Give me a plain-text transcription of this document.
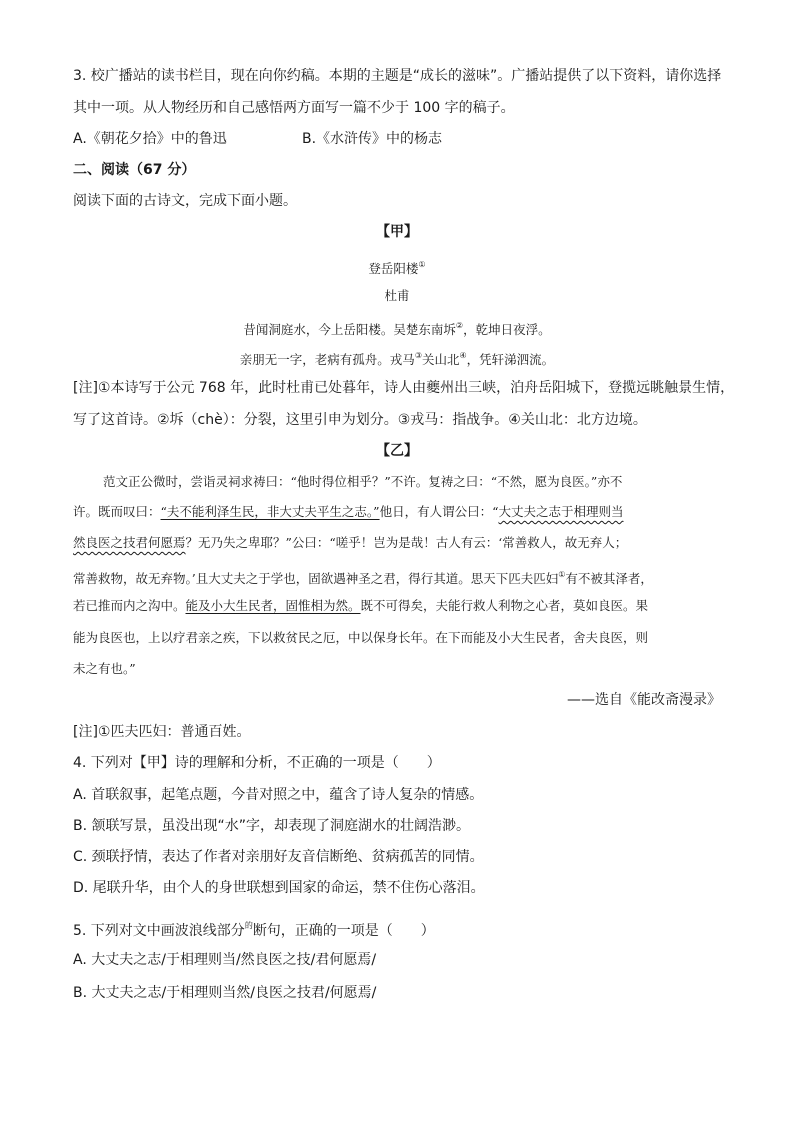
3. 校广播站的读书栏目，现在向你约稿。本期的主题是“成长的滋味”。广播站提供了以下资料，请你选择
其中一项。从人物经历和自己感悟两方面写一篇不少于 100 字的稿子。
A.《朝花夕拾》中的鲁迅	B.《水浒传》中的杨志
二、阅读（67 分）
阅读下面的古诗文，完成下面小题。
【甲】
登岳阳楼①
杜甫
昔闻洞庭水，今上岳阳楼。吴楚东南坼②，乾坤日夜浮。
亲朋无一字，老病有孤舟。戎马③关山北④，凭轩涕泗流。
[注]①本诗写于公元 768 年，此时杜甫已处暮年，诗人由夔州出三峡，泊舟岳阳城下，登揽远眺触景生情，
写了这首诗。②坼（chè）：分裂，这里引申为划分。③戎马：指战争。④关山北：北方边境。
【乙】
范文正公微时，尝诣灵祠求祷曰：“他时得位相乎？”不许。复祷之曰：“不然，愿为良医。”亦不
许。既而叹曰：“夫不能利泽生民，非大丈夫平生之志。”他日，有人谓公曰：“大丈夫之志于相理则当
然良医之技君何愿焉？无乃失之卑耶？”公曰：“嗟乎！岂为是哉！古人有云：‘常善救人，故无弃人；
常善救物，故无弃物。’且大丈夫之于学也，固欲遇神圣之君，得行其道。思天下匹夫匹妇①有不被其泽者，
若已推而内之沟中。能及小大生民者，固惟相为然。既不可得矣，夫能行救人利物之心者，莫如良医。果
能为良医也，上以疗君亲之疾，下以救贫民之厄，中以保身长年。在下而能及小大生民者，舍夫良医，则
未之有也。”
——选自《能改斋漫录》
[注]①匹夫匹妇：普通百姓。
4. 下列对【甲】诗的理解和分析，不正确的一项是（　　）
A. 首联叙事，起笔点题，今昔对照之中，蕴含了诗人复杂的情感。
B. 颔联写景，虽没出现“水”字，却表现了洞庭湖水的壮阔浩渺。
C. 颈联抒情，表达了作者对亲朋好友音信断绝、贫病孤苦的同情。
D. 尾联升华，由个人的身世联想到国家的命运，禁不住伤心落泪。
5. 下列对文中画波浪线部分$^的$断句，正确的一项是（　　）
A. 大丈夫之志/于相理则当/然良医之技/君何愿焉/
B. 大丈夫之志/于相理则当然/良医之技君/何愿焉/
